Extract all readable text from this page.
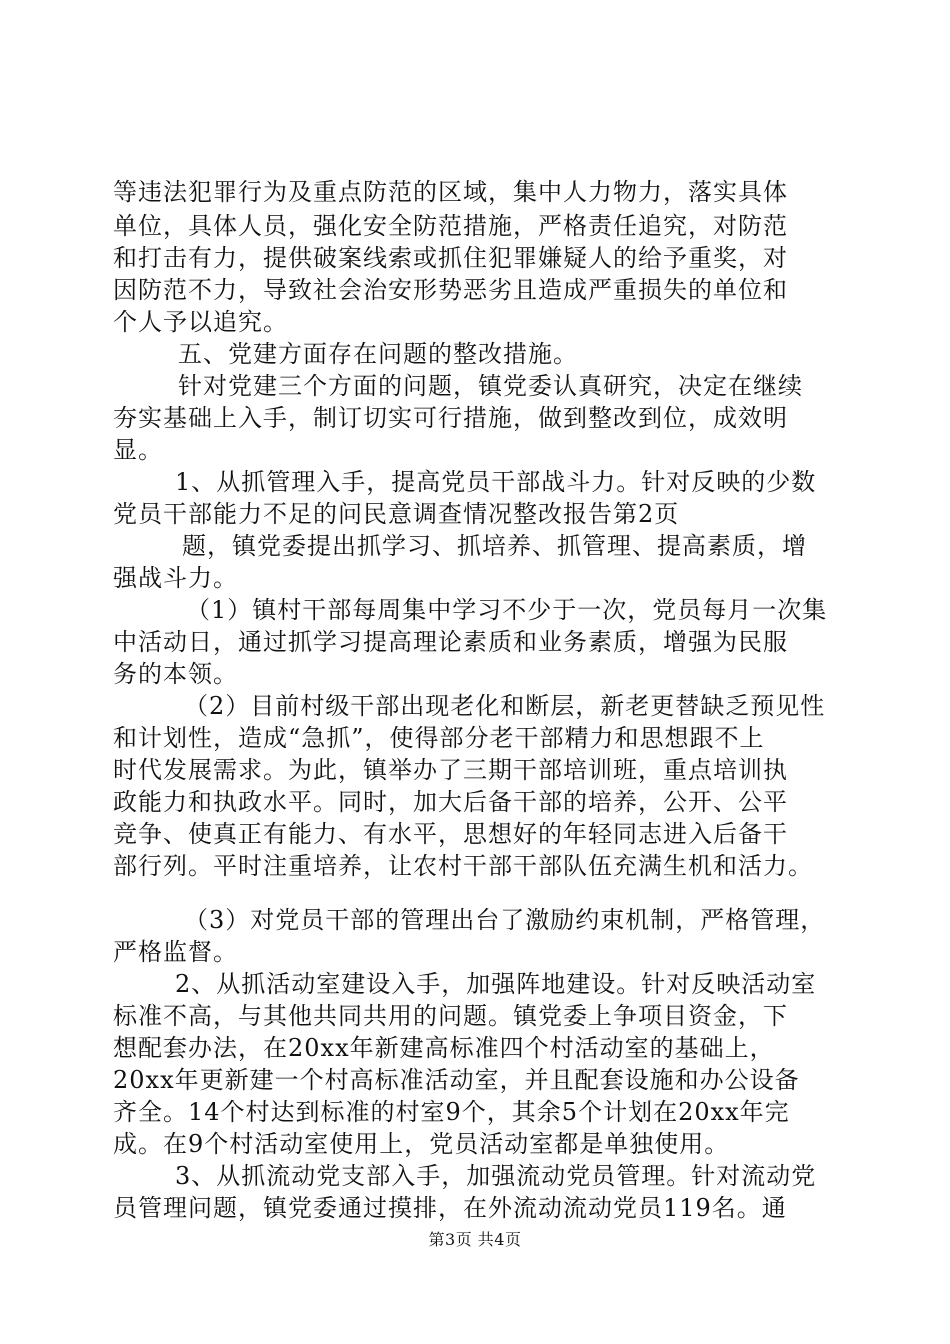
等违法犯罪行为及重点防范的区域，集中人力物力，落实具体
单位，具体人员，强化安全防范措施，严格责任追究，对防范
和打击有力，提供破案线索或抓住犯罪嫌疑人的给予重奖，对
因防范不力，导致社会治安形势恶劣且造成严重损失的单位和
个人予以追究。
五、党建方面存在问题的整改措施。
针对党建三个方面的问题，镇党委认真研究，决定在继续
夯实基础上入手，制订切实可行措施，做到整改到位，成效明
显。
1、从抓管理入手，提高党员干部战斗力。针对反映的少数
党员干部能力不足的问民意调查情况整改报告第2页
题，镇党委提出抓学习、抓培养、抓管理、提高素质，增
强战斗力。
（1）镇村干部每周集中学习不少于一次，党员每月一次集
中活动日，通过抓学习提高理论素质和业务素质，增强为民服
务的本领。
（2）目前村级干部出现老化和断层，新老更替缺乏预见性
和计划性，造成“急抓”，使得部分老干部精力和思想跟不上
时代发展需求。为此，镇举办了三期干部培训班，重点培训执
政能力和执政水平。同时，加大后备干部的培养，公开、公平
竞争、使真正有能力、有水平，思想好的年轻同志进入后备干
部行列。平时注重培养，让农村干部干部队伍充满生机和活力。
（3）对党员干部的管理出台了激励约束机制，严格管理，
严格监督。
2、从抓活动室建设入手，加强阵地建设。针对反映活动室
标准不高，与其他共同共用的问题。镇党委上争项目资金，下
想配套办法，在20xx年新建高标准四个村活动室的基础上，
20xx年更新建一个村高标准活动室，并且配套设施和办公设备
齐全。14个村达到标准的村室9个，其余5个计划在20xx年完
成。在9个村活动室使用上，党员活动室都是单独使用。
3、从抓流动党支部入手，加强流动党员管理。针对流动党
员管理问题，镇党委通过摸排，在外流动流动党员119名。通
第3页 共4页
